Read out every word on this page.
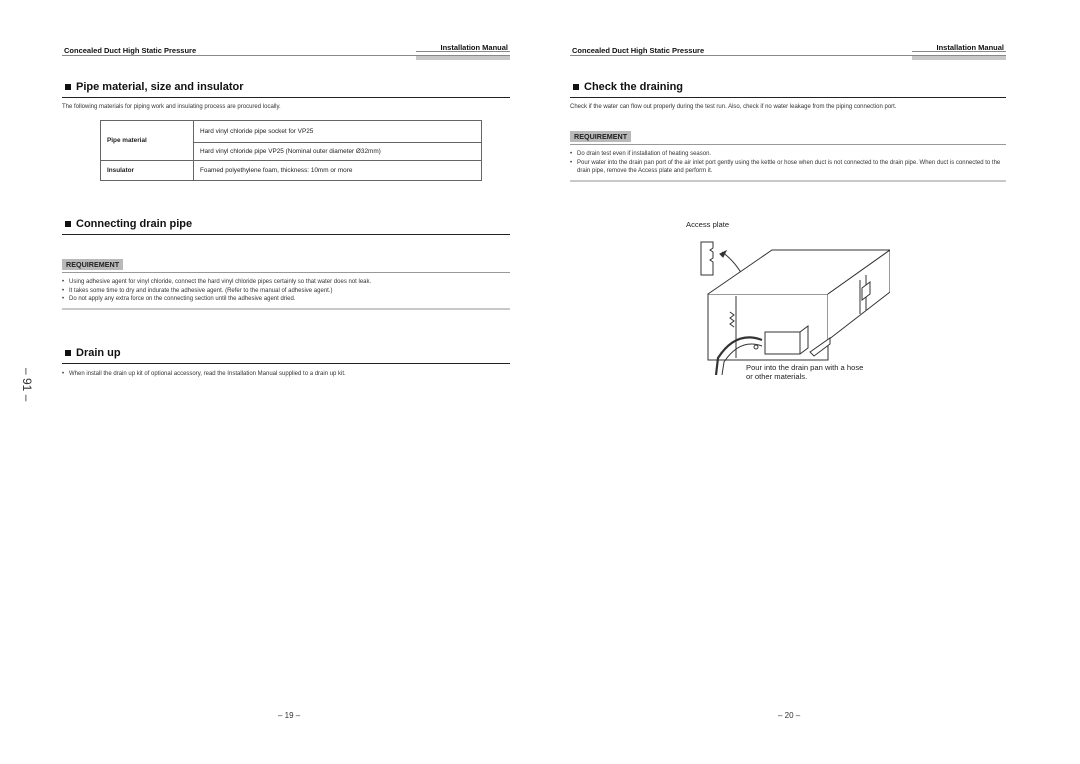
Concealed Duct High Static Pressure	Installation Manual
Pipe material, size and insulator
The following materials for piping work and insulating process are procured locally.
Pipe material	Hard vinyl chloride pipe socket for VP25
	Hard vinyl chloride pipe VP25 (Nominal outer diameter Ø32mm)
Insulator	Foamed polyethylene foam, thickness: 10mm or more
Connecting drain pipe
REQUIREMENT
• Using adhesive agent for vinyl chloride, connect the hard vinyl chloride pipes certainly so that water does not leak.
• It takes some time to dry and indurate the adhesive agent. (Refer to the manual of adhesive agent.)
• Do not apply any extra force on the connecting section until the adhesive agent dried.
Drain up
• When install the drain up kit of optional accessory, read the Installation Manual supplied to a drain up kit.
– 19 –
– 91 –
Concealed Duct High Static Pressure	Installation Manual
Check the draining
Check if the water can flow out properly during the test run. Also, check if no water leakage from the piping connection port.
REQUIREMENT
• Do drain test even if installation of heating season.
• Pour water into the drain pan port of the air inlet port gently using the kettle or hose when duct is not connected to the drain pipe. When duct is connected to the drain pipe, remove the Access plate and perform it.
Access plate
Pour into the drain pan with a hose
or other materials.
– 20 –
